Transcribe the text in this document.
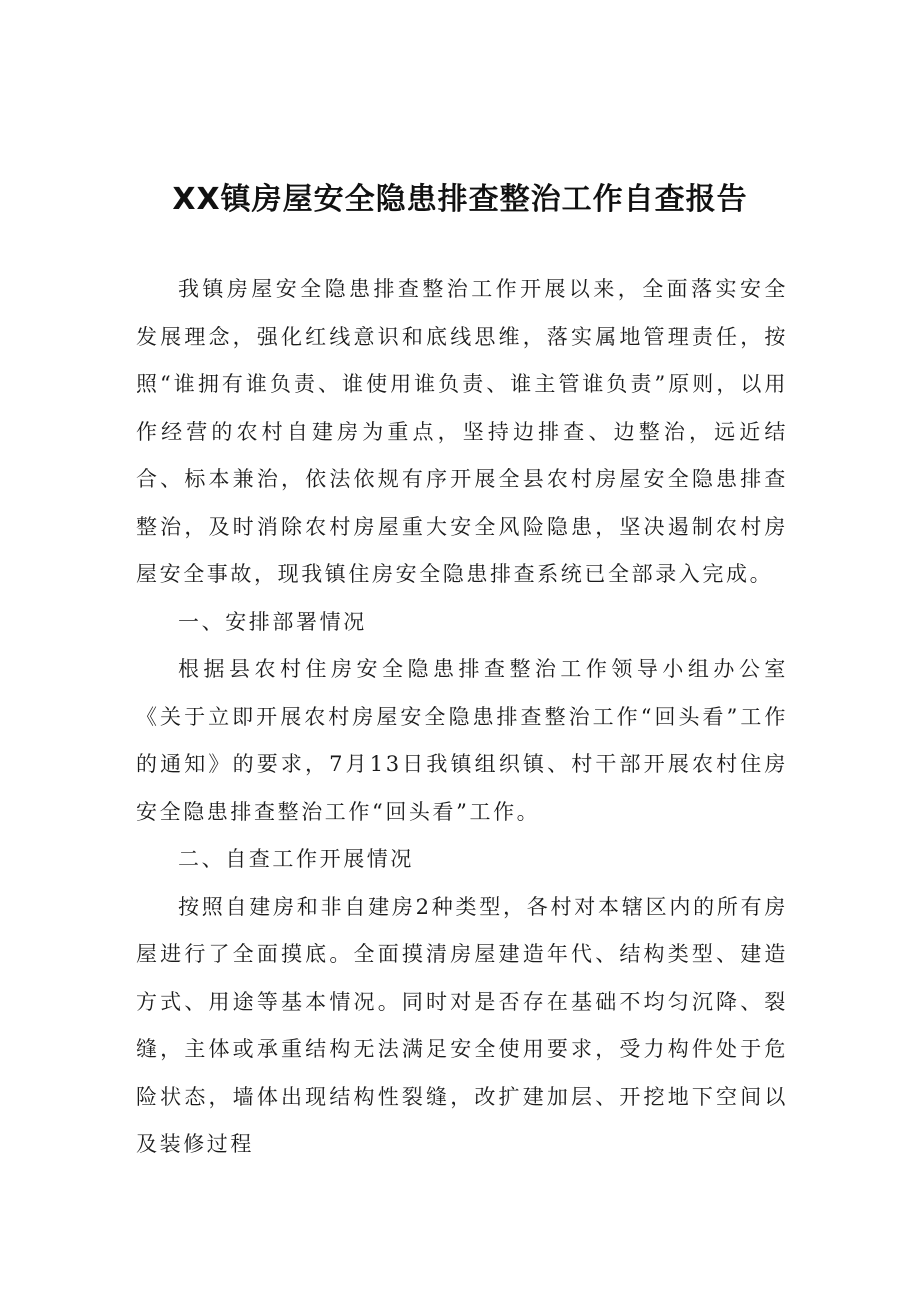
XX镇房屋安全隐患排查整治工作自查报告

我镇房屋安全隐患排查整治工作开展以来，全面落实安全发展理念，强化红线意识和底线思维，落实属地管理责任，按照“谁拥有谁负责、谁使用谁负责、谁主管谁负责”原则，以用作经营的农村自建房为重点，坚持边排查、边整治，远近结合、标本兼治，依法依规有序开展全县农村房屋安全隐患排查整治，及时消除农村房屋重大安全风险隐患，坚决遏制农村房屋安全事故，现我镇住房安全隐患排查系统已全部录入完成。

一、安排部署情况

根据县农村住房安全隐患排查整治工作领导小组办公室《关于立即开展农村房屋安全隐患排查整治工作“回头看”工作的通知》的要求，7月13日我镇组织镇、村干部开展农村住房安全隐患排查整治工作“回头看”工作。

二、自查工作开展情况

按照自建房和非自建房2种类型，各村对本辖区内的所有房屋进行了全面摸底。全面摸清房屋建造年代、结构类型、建造方式、用途等基本情况。同时对是否存在基础不均匀沉降、裂缝，主体或承重结构无法满足安全使用要求，受力构件处于危险状态，墙体出现结构性裂缝，改扩建加层、开挖地下空间以及装修过程
